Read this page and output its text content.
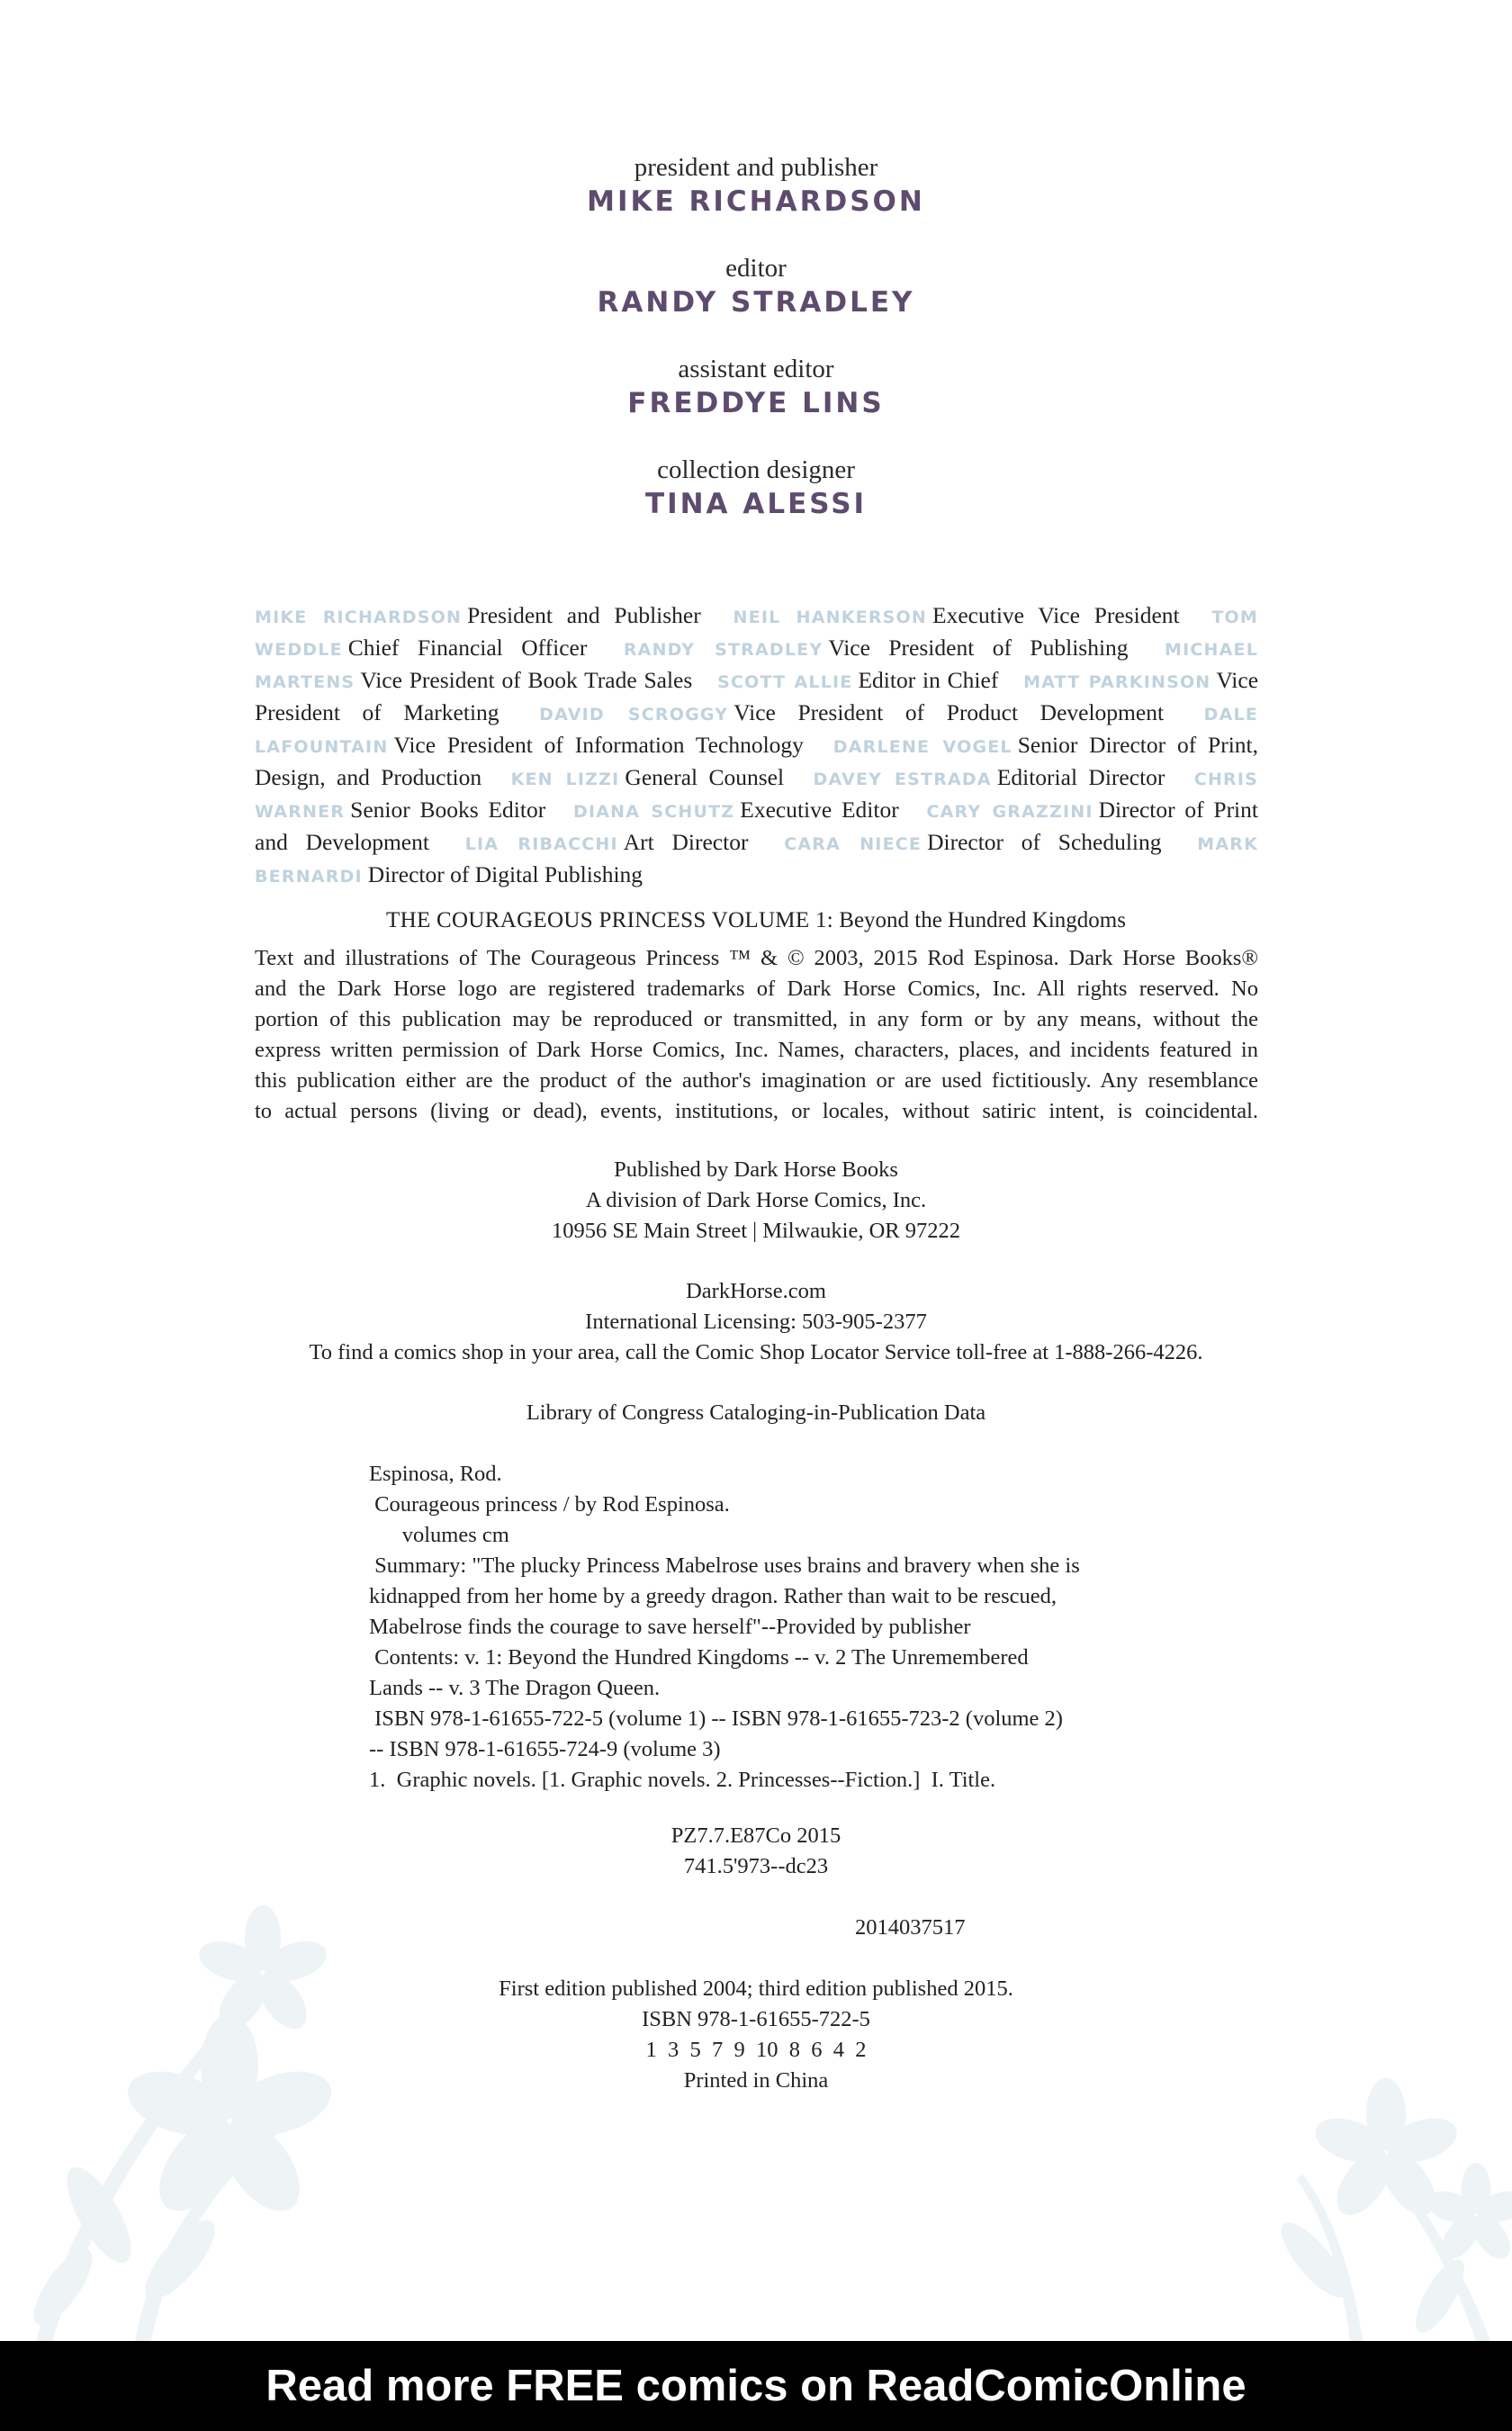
president and publisher
MIKE RICHARDSON
editor
RANDY STRADLEY
assistant editor
FREDDYE LINS
collection designer
TINA ALESSI
MIKE RICHARDSON President and Publisher NEIL HANKERSON Executive Vice President TOM WEDDLE Chief Financial Officer RANDY STRADLEY Vice President of Publishing MICHAEL MARTENS Vice President of Book Trade Sales SCOTT ALLIE Editor in Chief MATT PARKINSON Vice President of Marketing DAVID SCROGGY Vice President of Product Development DALE LAFOUNTAIN Vice President of Information Technology DARLENE VOGEL Senior Director of Print, Design, and Production KEN LIZZI General Counsel DAVEY ESTRADA Editorial Director CHRIS WARNER Senior Books Editor DIANA SCHUTZ Executive Editor CARY GRAZZINI Director of Print and Development LIA RIBACCHI Art Director CARA NIECE Director of Scheduling MARK BERNARDI Director of Digital Publishing
THE COURAGEOUS PRINCESS VOLUME 1: Beyond the Hundred Kingdoms
Text and illustrations of The Courageous Princess ™ & © 2003, 2015 Rod Espinosa. Dark Horse Books®
and the Dark Horse logo are registered trademarks of Dark Horse Comics, Inc. All rights reserved. No
portion of this publication may be reproduced or transmitted, in any form or by any means, without the
express written permission of Dark Horse Comics, Inc. Names, characters, places, and incidents featured in
this publication either are the product of the author's imagination or are used fictitiously. Any resemblance
to actual persons (living or dead), events, institutions, or locales, without satiric intent, is coincidental.
Published by Dark Horse Books
A division of Dark Horse Comics, Inc.
10956 SE Main Street | Milwaukie, OR 97222
DarkHorse.com
International Licensing: 503-905-2377
To find a comics shop in your area, call the Comic Shop Locator Service toll-free at 1-888-266-4226.
Library of Congress Cataloging-in-Publication Data
Espinosa, Rod.
Courageous princess / by Rod Espinosa.
volumes cm
Summary: "The plucky Princess Mabelrose uses brains and bravery when she is
kidnapped from her home by a greedy dragon. Rather than wait to be rescued,
Mabelrose finds the courage to save herself"--Provided by publisher
Contents: v. 1: Beyond the Hundred Kingdoms -- v. 2 The Unremembered
Lands -- v. 3 The Dragon Queen.
ISBN 978-1-61655-722-5 (volume 1) -- ISBN 978-1-61655-723-2 (volume 2)
-- ISBN 978-1-61655-724-9 (volume 3)
1.  Graphic novels. [1. Graphic novels. 2. Princesses--Fiction.]  I. Title.
PZ7.7.E87Co 2015
741.5'973--dc23
2014037517
First edition published 2004; third edition published 2015.
ISBN 978-1-61655-722-5
1  3  5  7  9  10  8  6  4  2
Printed in China
Read more FREE comics on ReadComicOnline
